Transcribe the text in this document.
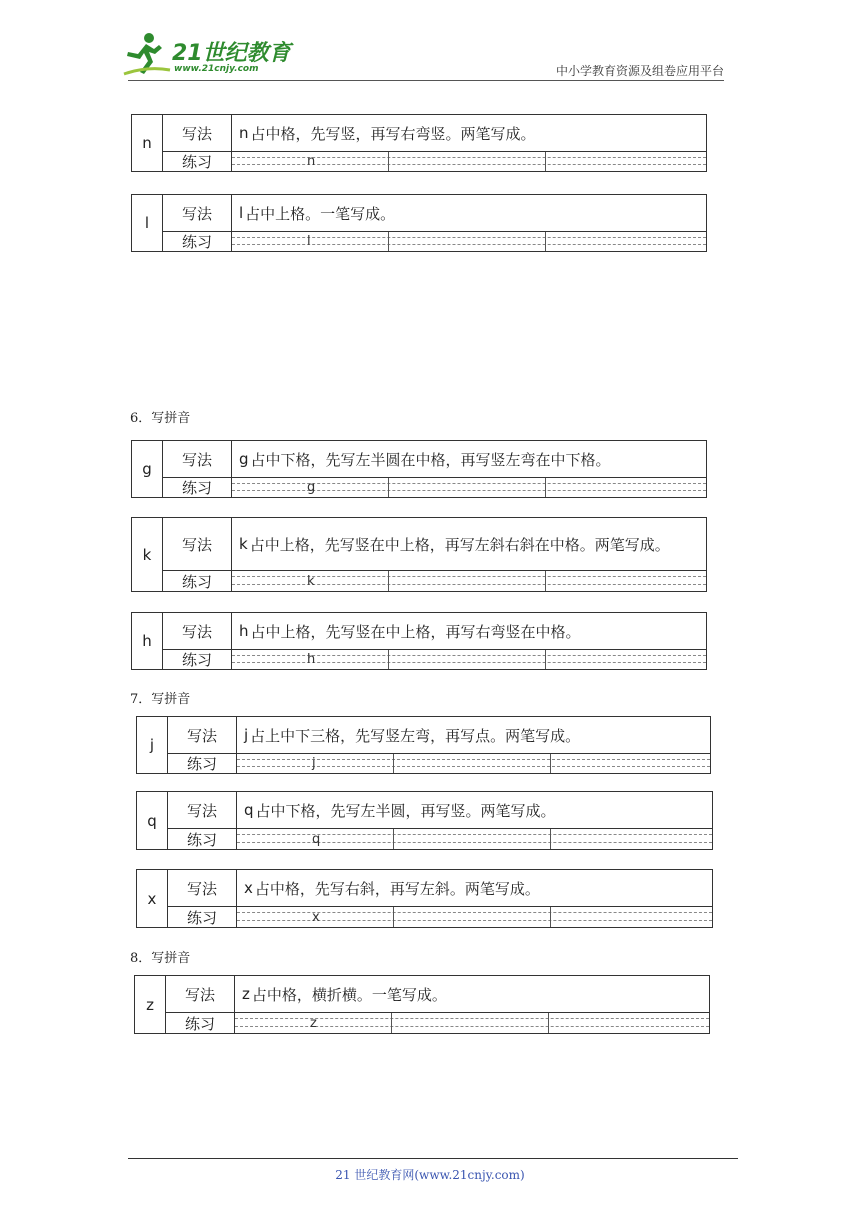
21世纪教育
www.21cnjy.com	中小学教育资源及组卷应用平台
n
写法
练习
n 占中格，先写竖，再写右弯竖。两笔写成。
n
l
写法
练习
l 占中上格。一笔写成。
l
6．写拼音
g
写法
练习
g 占中下格，先写左半圆在中格，再写竖左弯在中下格。
g
k
写法
练习
k 占中上格，先写竖在中上格，再写左斜右斜在中格。两笔写成。
k
h
写法
练习
h 占中上格，先写竖在中上格，再写右弯竖在中格。
h
7．写拼音
j
写法
练习
j 占上中下三格，先写竖左弯，再写点。两笔写成。
j
q
写法
练习
q 占中下格，先写左半圆，再写竖。两笔写成。
q
x
写法
练习
x 占中格，先写右斜，再写左斜。两笔写成。
x
8．写拼音
z
写法
练习
z 占中格，横折横。一笔写成。
z
21 世纪教育网(www.21cnjy.com)
